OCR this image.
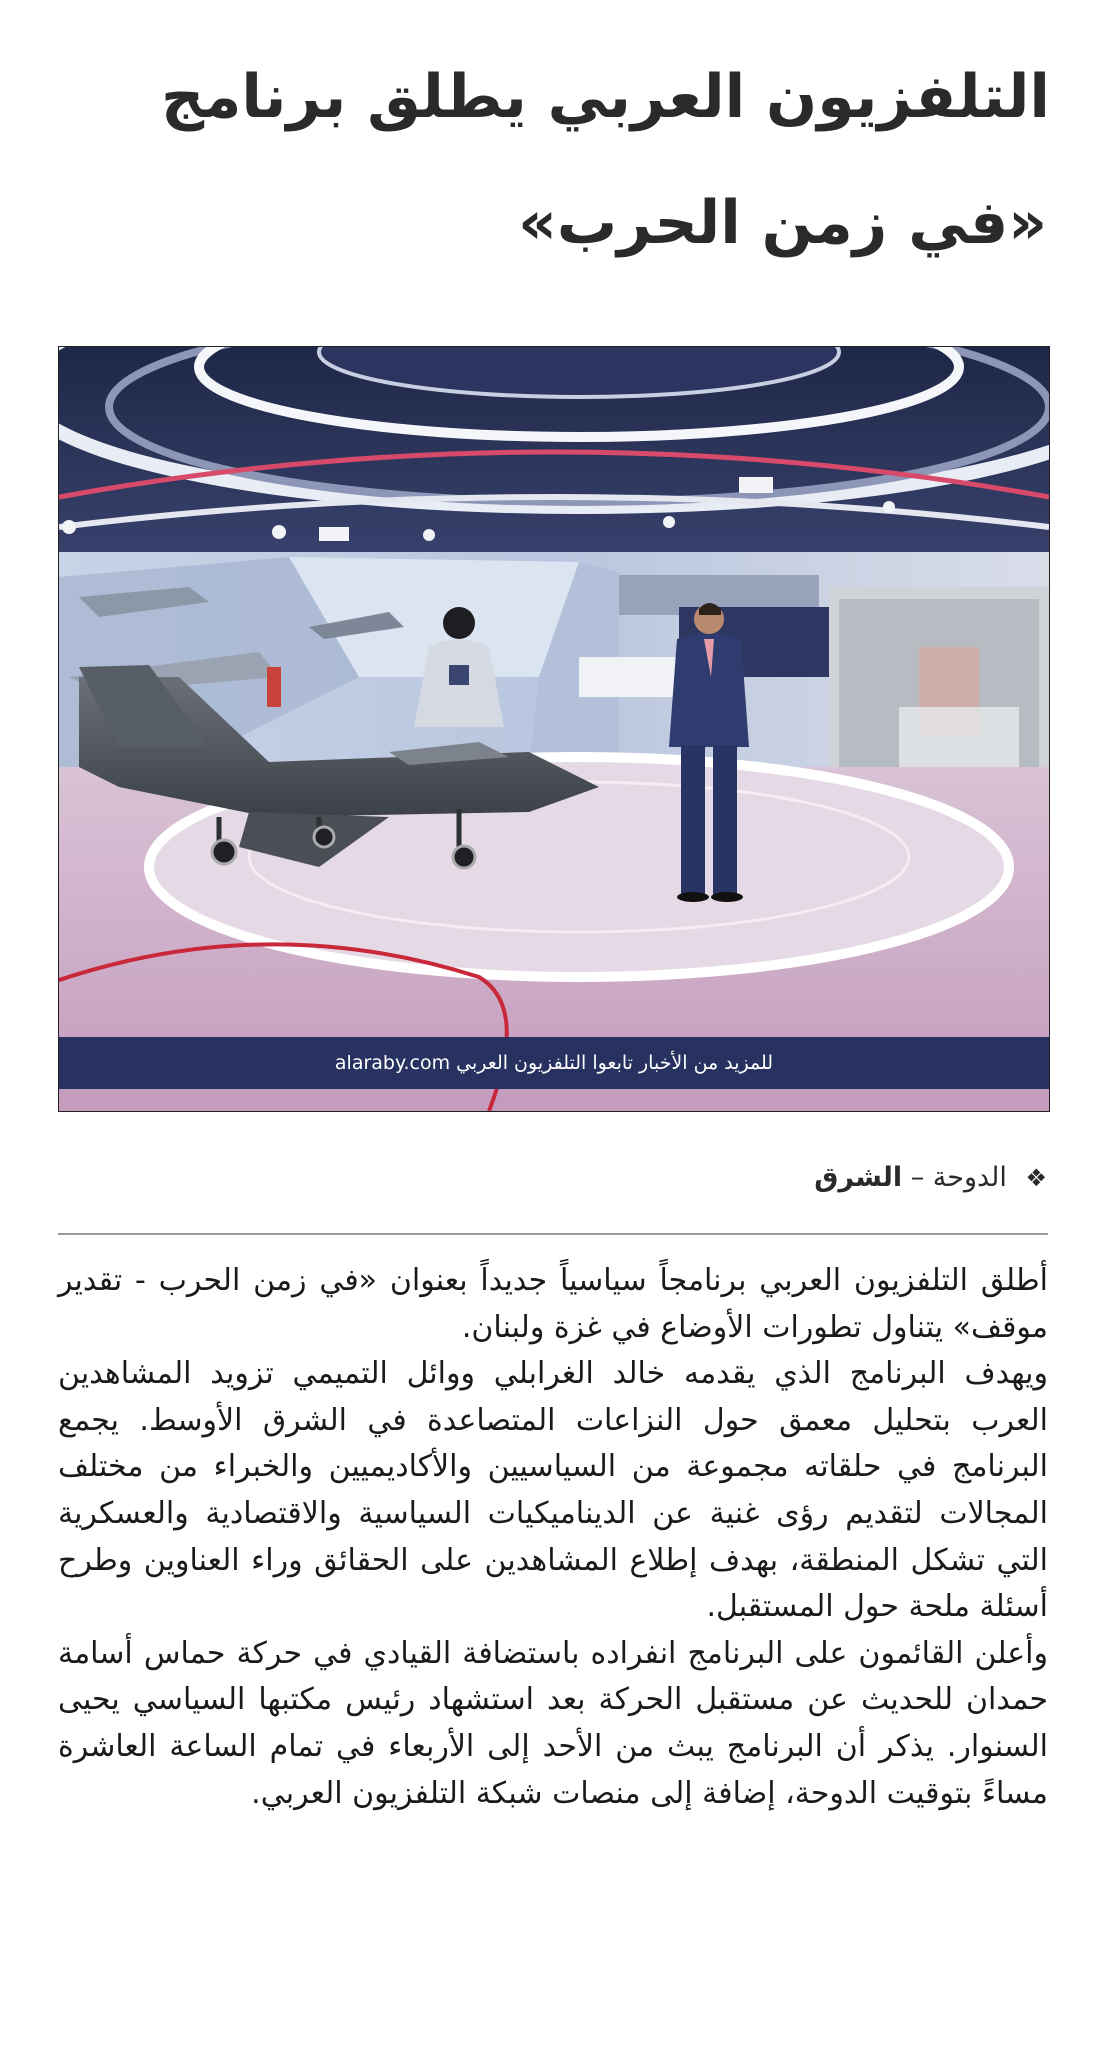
التلفزيون العربي يطلق برنامج
«في زمن الحرب»
للمزيد من الأخبار تابعوا التلفزيون العربي alaraby.com
❖ الدوحة – الشرق

أطلق التلفزيون العربي برنامجاً سياسياً جديداً بعنوان «في زمن الحرب - تقدير موقف» يتناول تطورات الأوضاع في غزة ولبنان.

ويهدف البرنامج الذي يقدمه خالد الغرابلي ووائل التميمي تزويد المشاهدين العرب بتحليل معمق حول النزاعات المتصاعدة في الشرق الأوسط. يجمع البرنامج في حلقاته مجموعة من السياسيين والأكاديميين والخبراء من مختلف المجالات لتقديم رؤى غنية عن الديناميكيات السياسية والاقتصادية والعسكرية التي تشكل المنطقة، بهدف إطلاع المشاهدين على الحقائق وراء العناوين وطرح أسئلة ملحة حول المستقبل.

وأعلن القائمون على البرنامج انفراده باستضافة القيادي في حركة حماس أسامة حمدان للحديث عن مستقبل الحركة بعد استشهاد رئيس مكتبها السياسي يحيى السنوار. يذكر أن البرنامج يبث من الأحد إلى الأربعاء في تمام الساعة العاشرة مساءً بتوقيت الدوحة، إضافة إلى منصات شبكة التلفزيون العربي.
